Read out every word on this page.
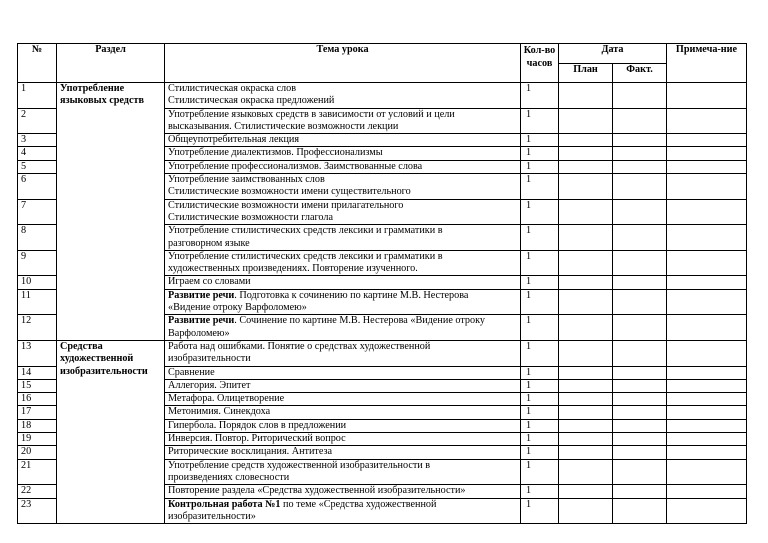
№	Раздел	Тема урока	Кол-во часов	Дата		Примеча-ние
				План	Факт.	
1	Употребление языковых средств	Стилистическая окраска слов
Стилистическая окраска предложений	1			
2		Употребление языковых средств в зависимости от условий и цели
высказывания. Стилистические возможности лекции	1			
3		Общеупотребительная лекция	1			
4		Употребление диалектизмов. Профессионализмы	1			
5		Употребление профессионализмов. Заимствованные слова	1			
6		Употребление заимствованных слов
Стилистические возможности имени существительного	1			
7		Стилистические возможности имени прилагательного
Стилистические возможности глагола	1			
8		Употребление стилистических средств лексики и грамматики в
разговорном языке	1			
9		Употребление стилистических средств лексики и грамматики в
художественных произведениях. Повторение изученного.	1			
10		Играем со словами	1			
11		Развитие речи. Подготовка к сочинению по картине М.В. Нестерова
«Видение отроку Варфоломею»	1			
12		Развитие речи. Сочинение по картине М.В. Нестерова «Видение отроку
Варфоломею»	1			
13	Средства художественной изобразительности	Работа над ошибками. Понятие о средствах художественной
изобразительности	1			
14		Сравнение	1			
15		Аллегория. Эпитет	1			
16		Метафора. Олицетворение	1			
17		Метонимия. Синекдоха	1			
18		Гипербола. Порядок слов в предложении	1			
19		Инверсия. Повтор. Риторический вопрос	1			
20		Риторические восклицания. Антитеза	1			
21		Употребление средств художественной изобразительности в
произведениях словесности	1			
22		Повторение раздела «Средства художественной изобразительности»	1			
23		Контрольная работа №1 по теме «Средства художественной
изобразительности»	1			
